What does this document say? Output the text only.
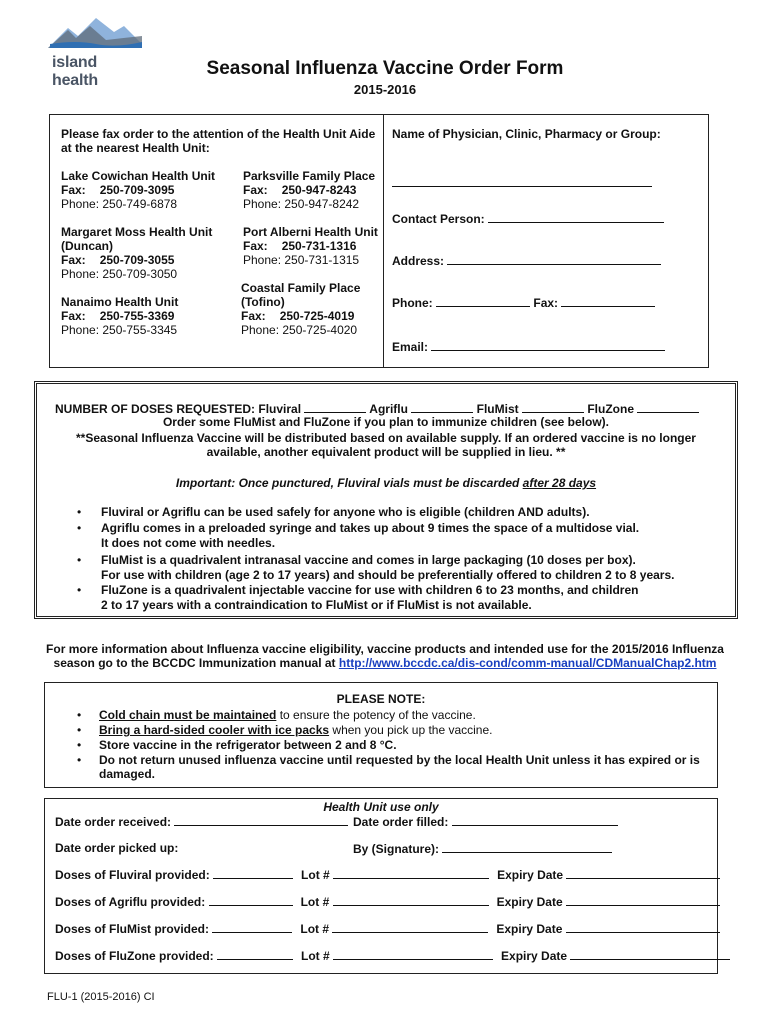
island health
Seasonal Influenza Vaccine Order Form
2015-2016
Please fax order to the attention of the Health Unit Aide
at the nearest Health Unit:
Lake Cowichan Health Unit
Fax: 250-709-3095
Phone: 250-749-6878
Parksville Family Place
Fax: 250-947-8243
Phone: 250-947-8242
Margaret Moss Health Unit
(Duncan)
Fax: 250-709-3055
Phone: 250-709-3050
Port Alberni Health Unit
Fax: 250-731-1316
Phone: 250-731-1315
Nanaimo Health Unit
Fax: 250-755-3369
Phone: 250-755-3345
Coastal Family Place
(Tofino)
Fax: 250-725-4019
Phone: 250-725-4020
Name of Physician, Clinic, Pharmacy or Group:
Contact Person:
Address:
Phone:	Fax:
Email:
NUMBER OF DOSES REQUESTED: Fluviral	Agriflu	FluMist	FluZone
Order some FluMist and FluZone if you plan to immunize children (see below).
**Seasonal Influenza Vaccine will be distributed based on available supply. If an ordered vaccine is no longer
available, another equivalent product will be supplied in lieu. **
Important: Once punctured, Fluviral vials must be discarded after 28 days
• Fluviral or Agriflu can be used safely for anyone who is eligible (children AND adults).
• Agriflu comes in a preloaded syringe and takes up about 9 times the space of a multidose vial.
It does not come with needles.
• FluMist is a quadrivalent intranasal vaccine and comes in large packaging (10 doses per box).
For use with children (age 2 to 17 years) and should be preferentially offered to children 2 to 8 years.
• FluZone is a quadrivalent injectable vaccine for use with children 6 to 23 months, and children
2 to 17 years with a contraindication to FluMist or if FluMist is not available.
For more information about Influenza vaccine eligibility, vaccine products and intended use for the 2015/2016 Influenza
season go to the BCCDC Immunization manual at http://www.bccdc.ca/dis-cond/comm-manual/CDManualChap2.htm
PLEASE NOTE:
• Cold chain must be maintained to ensure the potency of the vaccine.
• Bring a hard-sided cooler with ice packs when you pick up the vaccine.
• Store vaccine in the refrigerator between 2 and 8 °C.
• Do not return unused influenza vaccine until requested by the local Health Unit unless it has expired or is
damaged.
Health Unit use only
Date order received:	Date order filled:
Date order picked up:	By (Signature):
Doses of Fluviral provided:	Lot #	Expiry Date
Doses of Agriflu provided:	Lot #	Expiry Date
Doses of FluMist provided:	Lot #	Expiry Date
Doses of FluZone provided:	Lot #	Expiry Date
FLU-1 (2015-2016) CI
